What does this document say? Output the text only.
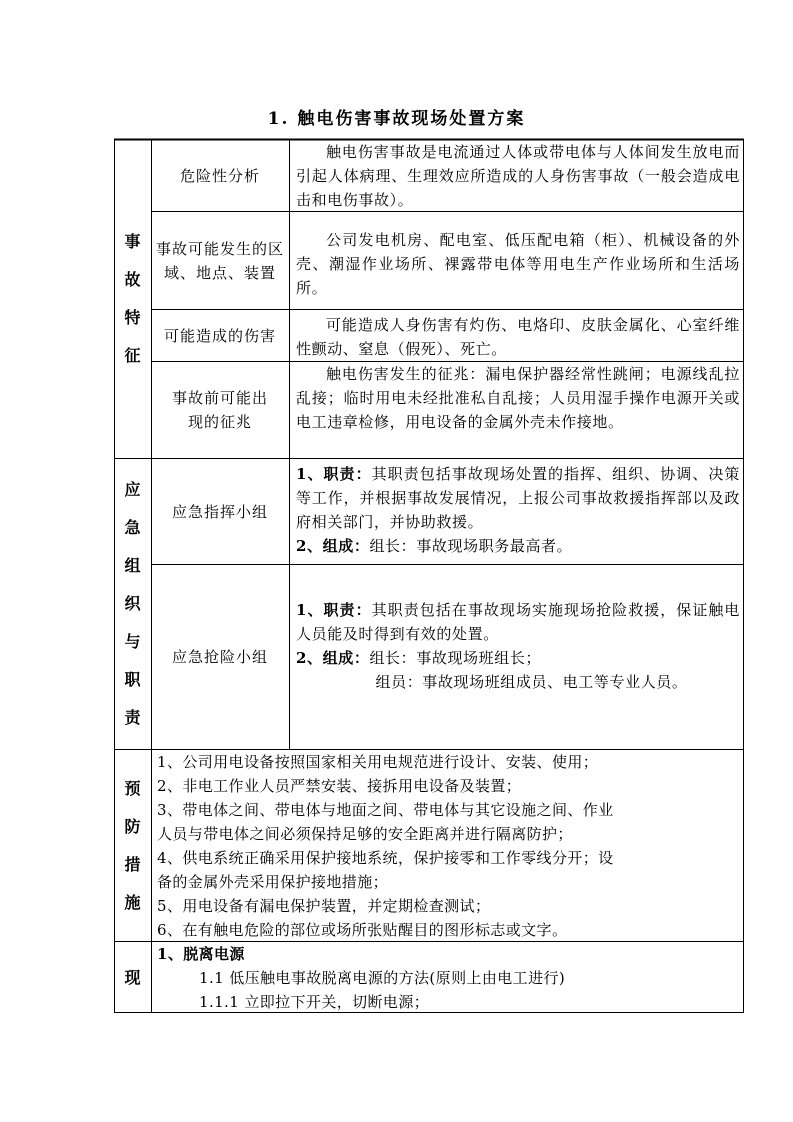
1. 触电伤害事故现场处置方案
事
故
特
征
危险性分析
触电伤害事故是电流通过人体或带电体与人体间发生放电而引起人体病理、生理效应所造成的人身伤害事故（一般会造成电击和电伤事故）。
事故可能发生的区域、地点、装置
公司发电机房、配电室、低压配电箱（柜）、机械设备的外壳、潮湿作业场所、裸露带电体等用电生产作业场所和生活场所。
可能造成的伤害
可能造成人身伤害有灼伤、电烙印、皮肤金属化、心室纤维性颤动、窒息（假死）、死亡。
事故前可能出现的征兆
触电伤害发生的征兆：漏电保护器经常性跳闸；电源线乱拉乱接；临时用电未经批准私自乱接；人员用湿手操作电源开关或电工违章检修，用电设备的金属外壳未作接地。
应
急
组
织
与
职
责
应急指挥小组
1、职责：其职责包括事故现场处置的指挥、组织、协调、决策等工作，并根据事故发展情况，上报公司事故救援指挥部以及政府相关部门，并协助救援。
2、组成：组长：事故现场职务最高者。
应急抢险小组
1、职责：其职责包括在事故现场实施现场抢险救援，保证触电人员能及时得到有效的处置。
2、组成：组长：事故现场班组长；
组员：事故现场班组成员、电工等专业人员。
预
防
措
施
1、公司用电设备按照国家相关用电规范进行设计、安装、使用；
2、非电工作业人员严禁安装、接拆用电设备及装置；
3、带电体之间、带电体与地面之间、带电体与其它设施之间、作业
人员与带电体之间必须保持足够的安全距离并进行隔离防护；
4、供电系统正确采用保护接地系统，保护接零和工作零线分开；设
备的金属外壳采用保护接地措施；
5、用电设备有漏电保护装置，并定期检查测试；
6、在有触电危险的部位或场所张贴醒目的图形标志或文字。
现
1、脱离电源
1.1 低压触电事故脱离电源的方法(原则上由电工进行)
1.1.1 立即拉下开关，切断电源；
